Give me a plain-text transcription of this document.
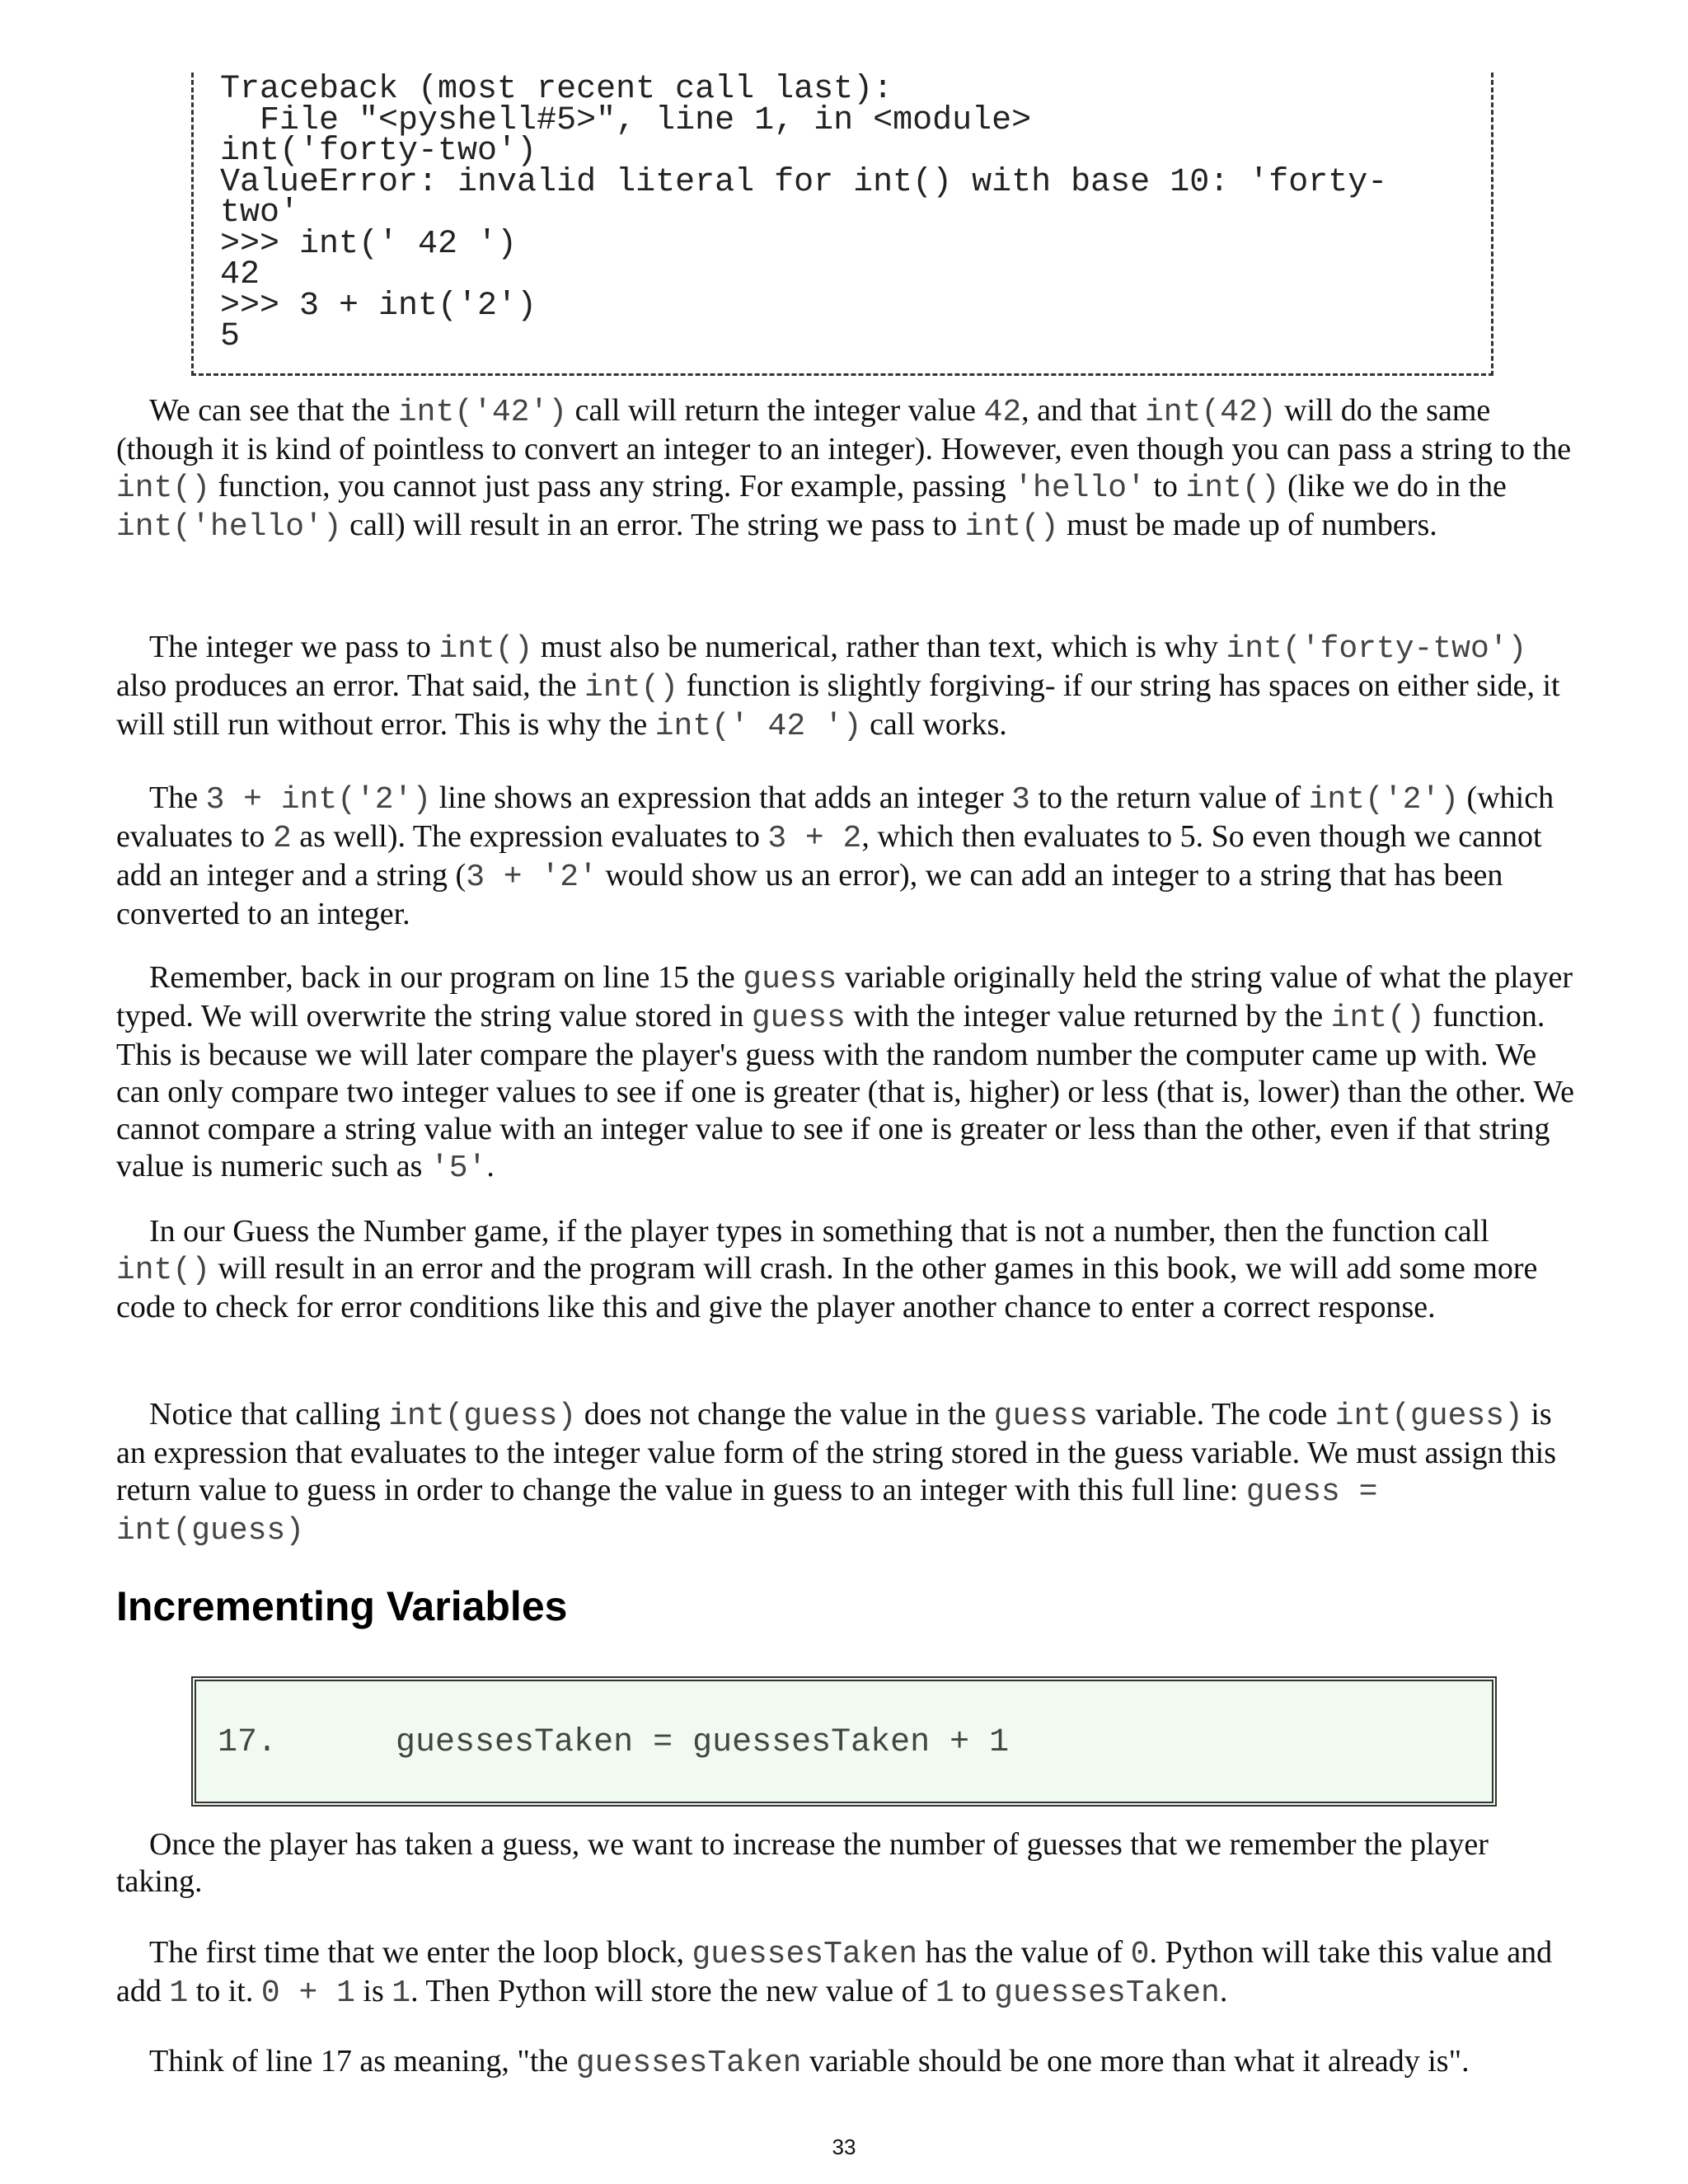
Traceback (most recent call last):
File "<pyshell#5>", line 1, in <module>
int('forty-two')
ValueError: invalid literal for int() with base 10: 'forty-
two'
>>> int(' 42 ')
42
>>> 3 + int('2')
5

We can see that the int('42') call will return the integer value 42, and that int(42) will do the same (though it is kind of pointless to convert an integer to an integer). However, even though you can pass a string to the int() function, you cannot just pass any string. For example, passing 'hello' to int() (like we do in the int('hello') call) will result in an error. The string we pass to int() must be made up of numbers.

The integer we pass to int() must also be numerical, rather than text, which is why int('forty-two') also produces an error. That said, the int() function is slightly forgiving- if our string has spaces on either side, it will still run without error. This is why the int(' 42 ') call works.

The 3 + int('2') line shows an expression that adds an integer 3 to the return value of int('2') (which evaluates to 2 as well). The expression evaluates to 3 + 2, which then evaluates to 5. So even though we cannot add an integer and a string (3 + '2' would show us an error), we can add an integer to a string that has been converted to an integer.

Remember, back in our program on line 15 the guess variable originally held the string value of what the player typed. We will overwrite the string value stored in guess with the integer value returned by the int() function. This is because we will later compare the player's guess with the random number the computer came up with. We can only compare two integer values to see if one is greater (that is, higher) or less (that is, lower) than the other. We cannot compare a string value with an integer value to see if one is greater or less than the other, even if that string value is numeric such as '5'.

In our Guess the Number game, if the player types in something that is not a number, then the function call int() will result in an error and the program will crash. In the other games in this book, we will add some more code to check for error conditions like this and give the player another chance to enter a correct response.

Notice that calling int(guess) does not change the value in the guess variable. The code int(guess) is an expression that evaluates to the integer value form of the string stored in the guess variable. We must assign this return value to guess in order to change the value in guess to an integer with this full line: guess = int(guess)

Incrementing Variables
17.      guessesTaken = guessesTaken + 1

Once the player has taken a guess, we want to increase the number of guesses that we remember the player taking.

The first time that we enter the loop block, guessesTaken has the value of 0. Python will take this value and add 1 to it. 0 + 1 is 1. Then Python will store the new value of 1 to guessesTaken.

Think of line 17 as meaning, "the guessesTaken variable should be one more than what it already is".

33
